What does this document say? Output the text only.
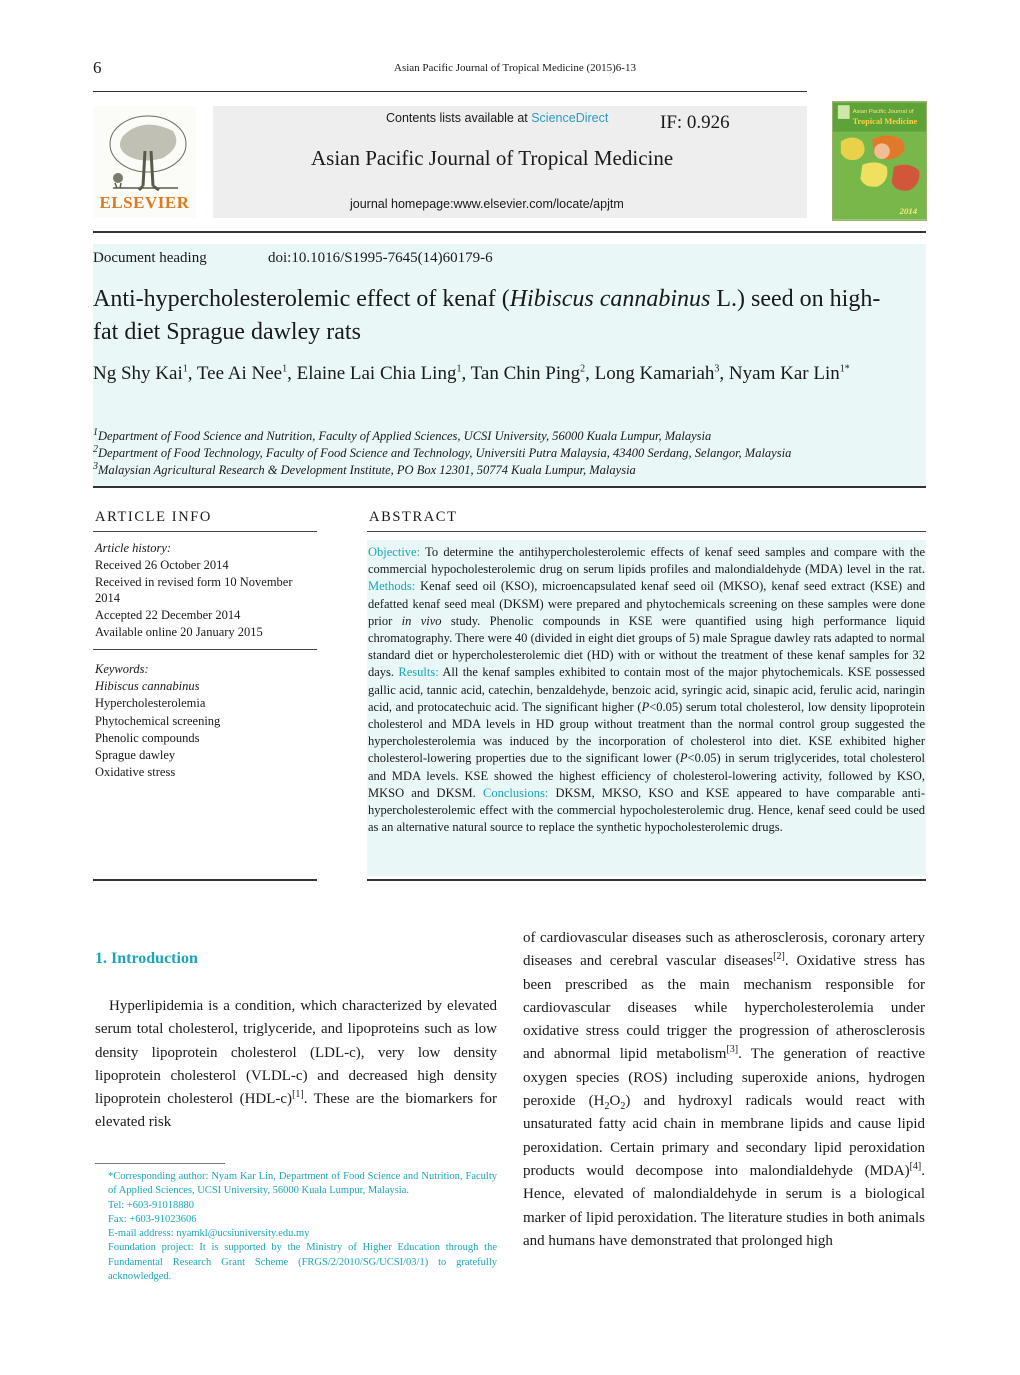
6	Asian Pacific Journal of Tropical Medicine (2015)6-13
ELSEVIER
Contents lists available at ScienceDirect	IF: 0.926
Asian Pacific Journal of Tropical Medicine
journal homepage:www.elsevier.com/locate/apjtm
Asian Pacific Journal of
Tropical Medicine
2014
Document heading	doi:10.1016/S1995-7645(14)60179-6
Anti-hypercholesterolemic effect of kenaf (Hibiscus cannabinus L.) seed on high-fat diet Sprague dawley rats
Ng Shy Kai$^1$, Tee Ai Nee$^1$, Elaine Lai Chia Ling$^1$, Tan Chin Ping$^2$, Long Kamariah$^3$, Nyam Kar Lin$^{1*}$
$^1$Department of Food Science and Nutrition, Faculty of Applied Sciences, UCSI University, 56000 Kuala Lumpur, Malaysia
$^2$Department of Food Technology, Faculty of Food Science and Technology, Universiti Putra Malaysia, 43400 Serdang, Selangor, Malaysia
$^3$Malaysian Agricultural Research & Development Institute, PO Box 12301, 50774 Kuala Lumpur, Malaysia
ARTICLE INFO
Article history:
Received 26 October 2014
Received in revised form 10 November 2014
Accepted 22 December 2014
Available online 20 January 2015
Keywords:
Hibiscus cannabinus
Hypercholesterolemia
Phytochemical screening
Phenolic compounds
Sprague dawley
Oxidative stress
ABSTRACT
Objective: To determine the antihypercholesterolemic effects of kenaf seed samples and compare with the commercial hypocholesterolemic drug on serum lipids profiles and malondialdehyde (MDA) level in the rat. Methods: Kenaf seed oil (KSO), microencapsulated kenaf seed oil (MKSO), kenaf seed extract (KSE) and defatted kenaf seed meal (DKSM) were prepared and phytochemicals screening on these samples were done prior in vivo study. Phenolic compounds in KSE were quantified using high performance liquid chromatography. There were 40 (divided in eight diet groups of 5) male Sprague dawley rats adapted to normal standard diet or hypercholesterolemic diet (HD) with or without the treatment of these kenaf samples for 32 days. Results: All the kenaf samples exhibited to contain most of the major phytochemicals. KSE possessed gallic acid, tannic acid, catechin, benzaldehyde, benzoic acid, syringic acid, sinapic acid, ferulic acid, naringin acid, and protocatechuic acid. The significant higher (P<0.05) serum total cholesterol, low density lipoprotein cholesterol and MDA levels in HD group without treatment than the normal control group suggested the hypercholesterolemia was induced by the incorporation of cholesterol into diet. KSE exhibited higher cholesterol-lowering properties due to the significant lower (P<0.05) in serum triglycerides, total cholesterol and MDA levels. KSE showed the highest efficiency of cholesterol-lowering activity, followed by KSO, MKSO and DKSM. Conclusions: DKSM, MKSO, KSO and KSE appeared to have comparable anti-hypercholesterolemic effect with the commercial hypocholesterolemic drug. Hence, kenaf seed could be used as an alternative natural source to replace the synthetic hypocholesterolemic drugs.
1. Introduction
Hyperlipidemia is a condition, which characterized by elevated serum total cholesterol, triglyceride, and lipoproteins such as low density lipoprotein cholesterol (LDL-c), very low density lipoprotein cholesterol (VLDL-c) and decreased high density lipoprotein cholesterol (HDL-c)[1]. These are the biomarkers for elevated risk
of cardiovascular diseases such as atherosclerosis, coronary artery diseases and cerebral vascular diseases[2]. Oxidative stress has been prescribed as the main mechanism responsible for cardiovascular diseases while hypercholesterolemia under oxidative stress could trigger the progression of atherosclerosis and abnormal lipid metabolism[3]. The generation of reactive oxygen species (ROS) including superoxide anions, hydrogen peroxide $(H_2O_2)$ and hydroxyl radicals would react with unsaturated fatty acid chain in membrane lipids and cause lipid peroxidation. Certain primary and secondary lipid peroxidation products would decompose into malondialdehyde (MDA)[4]. Hence, elevated of malondialdehyde in serum is a biological marker of lipid peroxidation. The literature studies in both animals and humans have demonstrated that prolonged high
*Corresponding author: Nyam Kar Lin, Department of Food Science and Nutrition, Faculty of Applied Sciences, UCSI University, 56000 Kuala Lumpur, Malaysia.
Tel: +603-91018880
Fax: +603-91023606
E-mail address: nyamkl@ucsiuniversity.edu.my
Foundation project: It is supported by the Ministry of Higher Education through the Fundamental Research Grant Scheme (FRGS/2/2010/SG/UCSI/03/1) to gratefully acknowledged.
